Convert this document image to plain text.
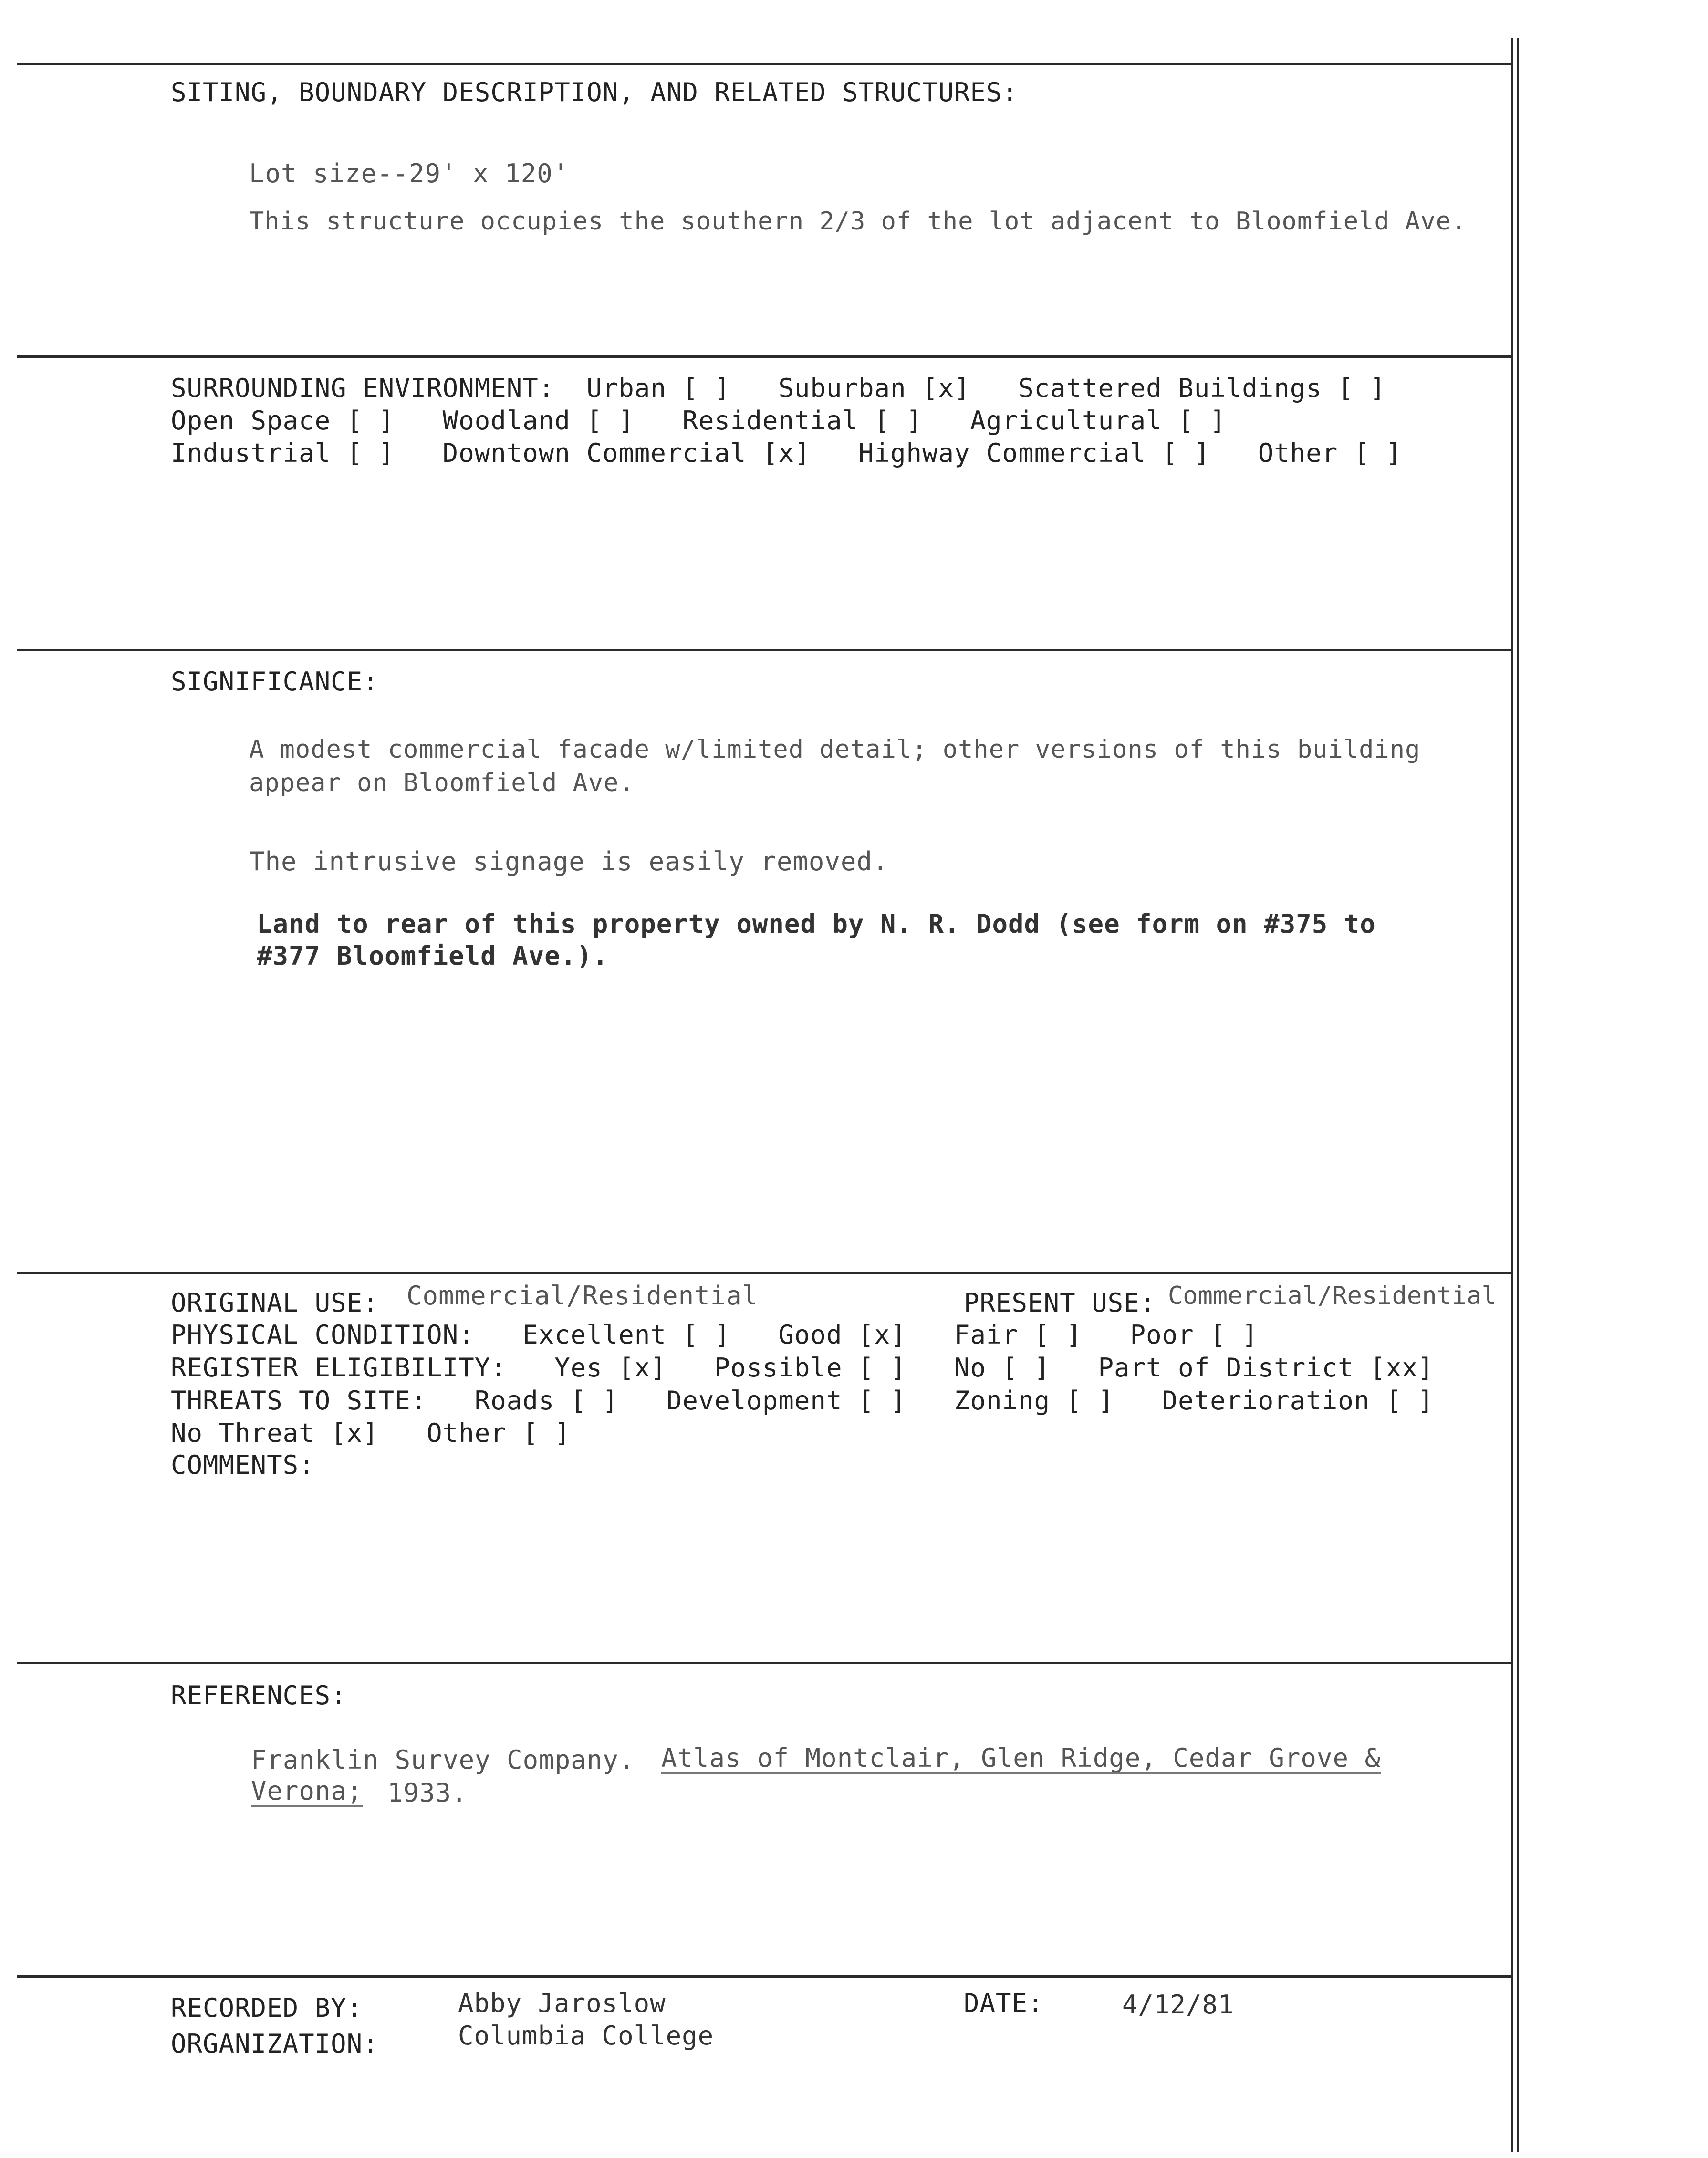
SITING, BOUNDARY DESCRIPTION, AND RELATED STRUCTURES:
Lot size--29' x 120'
This structure occupies the southern 2/3 of the lot adjacent to Bloomfield Ave.
SURROUNDING ENVIRONMENT:  Urban [ ]   Suburban [x]   Scattered Buildings [ ]
Open Space [ ]   Woodland [ ]   Residential [ ]   Agricultural [ ]
Industrial [ ]   Downtown Commercial [x]   Highway Commercial [ ]   Other [ ]
SIGNIFICANCE:
A modest commercial facade w/limited detail; other versions of this building
appear on Bloomfield Ave.
The intrusive signage is easily removed.
Land to rear of this property owned by N. R. Dodd (see form on #375 to
#377 Bloomfield Ave.).
ORIGINAL USE: Commercial/Residential	PRESENT USE: Commercial/Residential
PHYSICAL CONDITION:   Excellent [ ]   Good [x]   Fair [ ]   Poor [ ]
REGISTER ELIGIBILITY:   Yes [x]   Possible [ ]   No [ ]   Part of District [xx]
THREATS TO SITE:   Roads [ ]   Development [ ]   Zoning [ ]   Deterioration [ ]
No Threat [x]   Other [ ]
COMMENTS:
REFERENCES:
Franklin Survey Company. Atlas of Montclair, Glen Ridge, Cedar Grove &
Verona; 1933.
RECORDED BY:	Abby Jaroslow
ORGANIZATION:	Columbia College
DATE:	4/12/81
